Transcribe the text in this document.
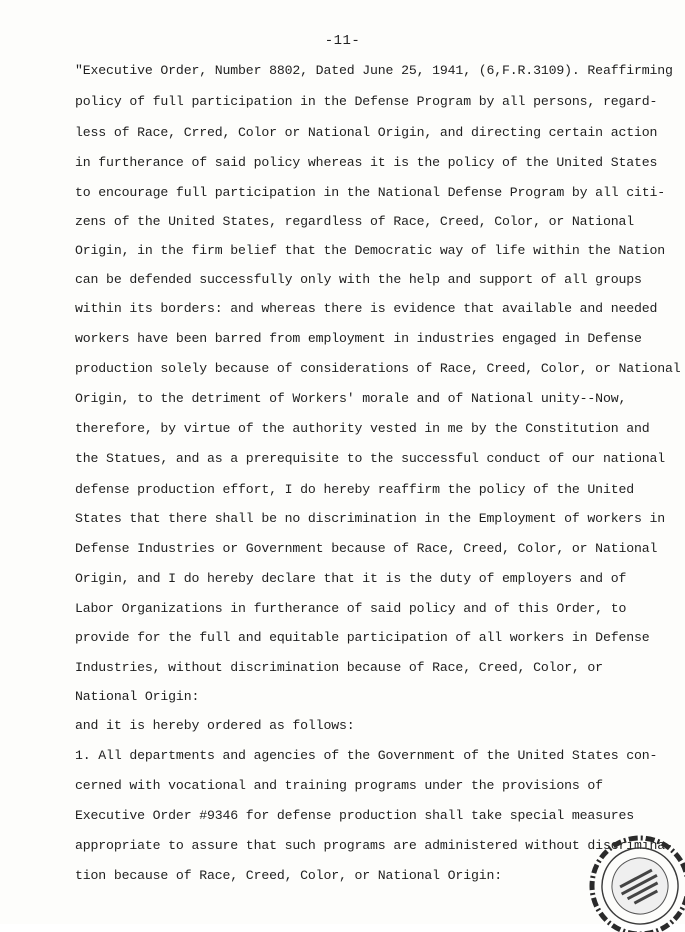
-11-
"Executive Order, Number 8802, Dated June 25, 1941, (6,F.R.3109). Reaffirming
policy of full participation in the Defense Program by all persons, regard-
less of Race, Crred, Color or National Origin, and directing certain action
in furtherance of said policy whereas it is the policy of the United States
to encourage full participation in the National Defense Program by all citi-
zens of the United States, regardless of Race, Creed, Color, or National
Origin, in the firm belief that the Democratic way of life within the Nation
can be defended successfully only with the help and support of all groups
within its borders: and whereas there is evidence that available and needed
workers have been barred from employment in industries engaged in Defense
production solely because of considerations of Race, Creed, Color, or National
Origin, to the detriment of Workers' morale and of National unity--Now,
therefore, by virtue of the authority vested in me by the Constitution and
the Statues, and as a prerequisite to the successful conduct of our national
defense production effort, I do hereby reaffirm the policy of the United
States that there shall be no discrimination in the Employment of workers in
Defense Industries or Government because of Race, Creed, Color, or National
Origin, and I do hereby declare that it is the duty of employers and of
Labor Organizations in furtherance of said policy and of this Order, to
provide for the full and equitable participation of all workers in Defense
Industries, without discrimination because of Race, Creed, Color, or
National Origin:
and it is hereby ordered as follows:
1. All departments and agencies of the Government of the United States con-
cerned with vocational and training programs under the provisions of
Executive Order #9346 for defense production shall take special measures
appropriate to assure that such programs are administered without discrimina-
tion because of Race, Creed, Color, or National Origin:
